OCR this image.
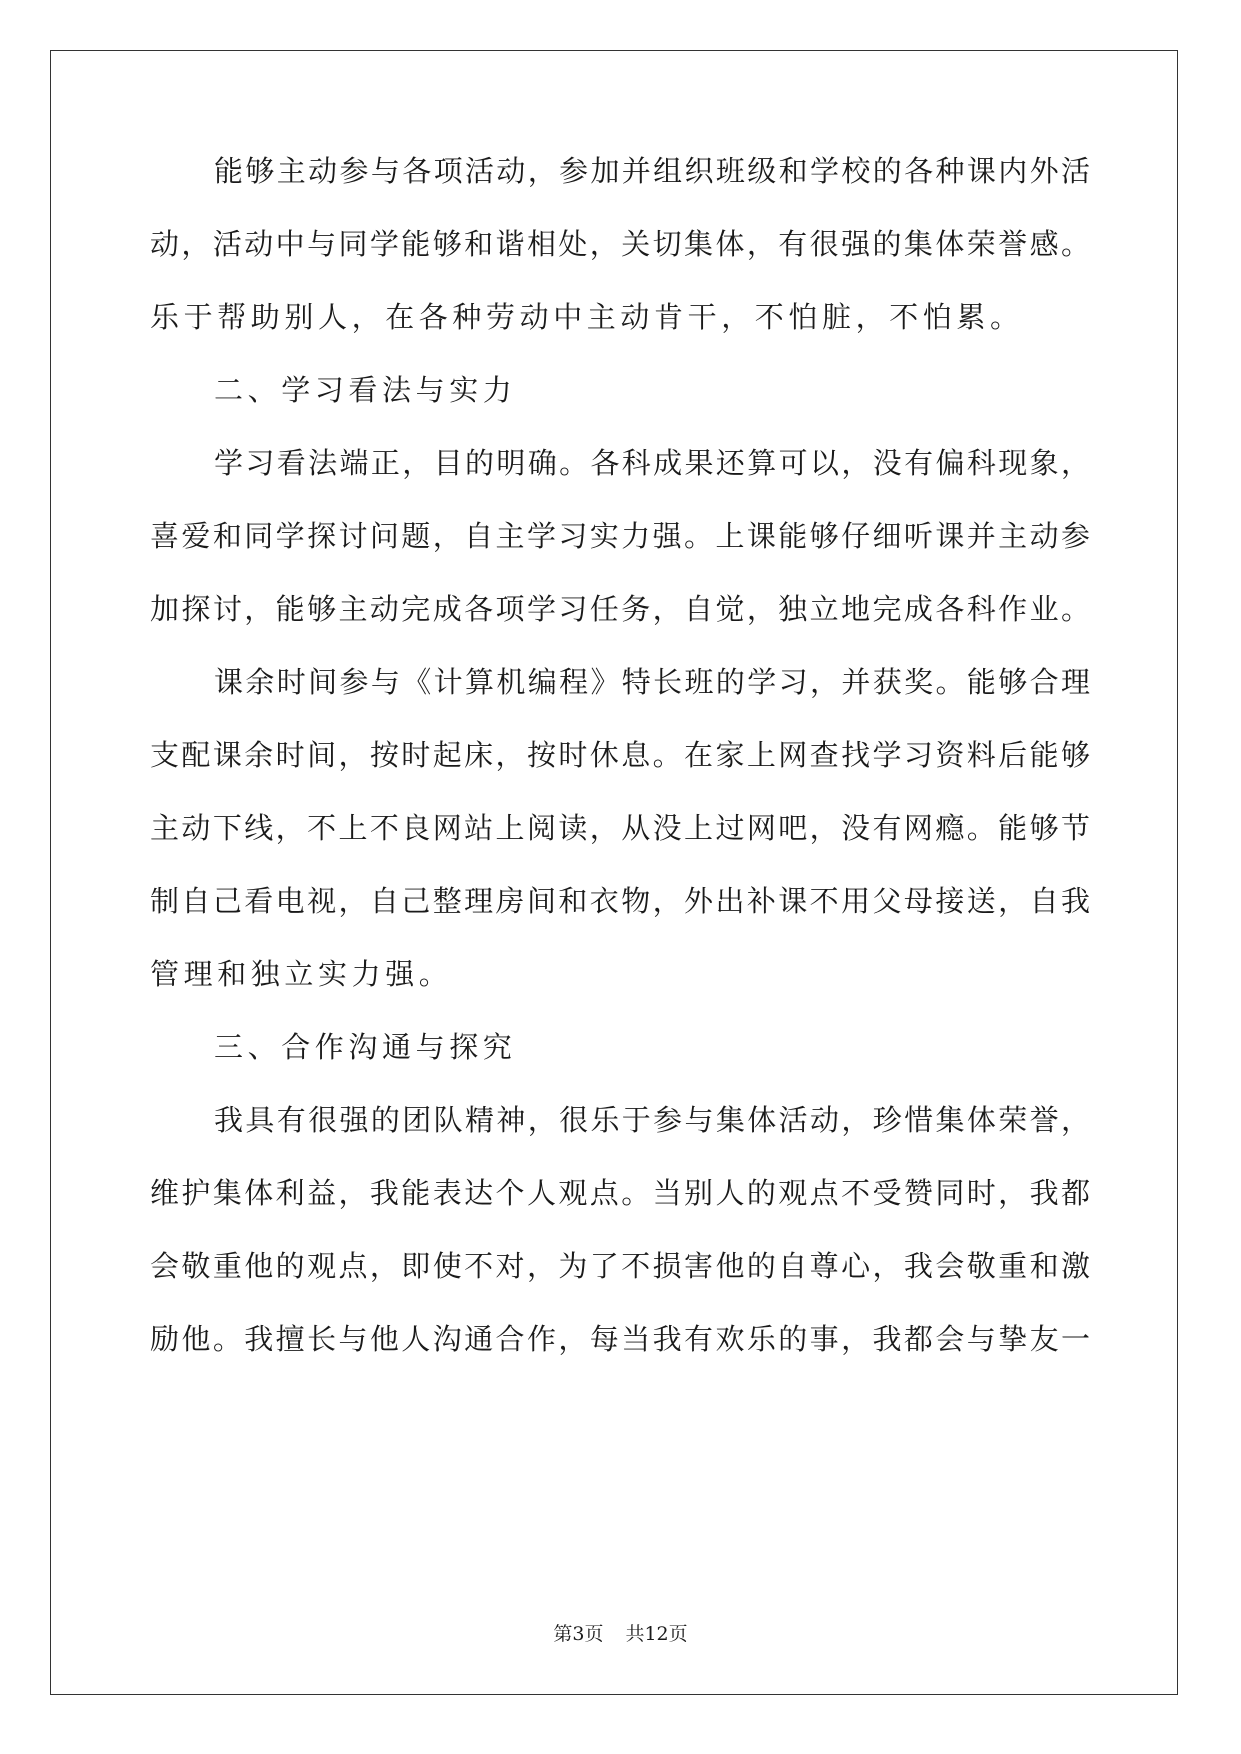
能够主动参与各项活动，参加并组织班级和学校的各种课内外活
动，活动中与同学能够和谐相处，关切集体，有很强的集体荣誉感。
乐于帮助别人，在各种劳动中主动肯干，不怕脏，不怕累。
二、学习看法与实力
学习看法端正，目的明确。各科成果还算可以，没有偏科现象，
喜爱和同学探讨问题，自主学习实力强。上课能够仔细听课并主动参
加探讨，能够主动完成各项学习任务，自觉，独立地完成各科作业。
课余时间参与《计算机编程》特长班的学习，并获奖。能够合理
支配课余时间，按时起床，按时休息。在家上网查找学习资料后能够
主动下线，不上不良网站上阅读，从没上过网吧，没有网瘾。能够节
制自己看电视，自己整理房间和衣物，外出补课不用父母接送，自我
管理和独立实力强。
三、合作沟通与探究
我具有很强的团队精神，很乐于参与集体活动，珍惜集体荣誉，
维护集体利益，我能表达个人观点。当别人的观点不受赞同时，我都
会敬重他的观点，即使不对，为了不损害他的自尊心，我会敬重和激
励他。我擅长与他人沟通合作，每当我有欢乐的事，我都会与挚友一
第3页 共12页
